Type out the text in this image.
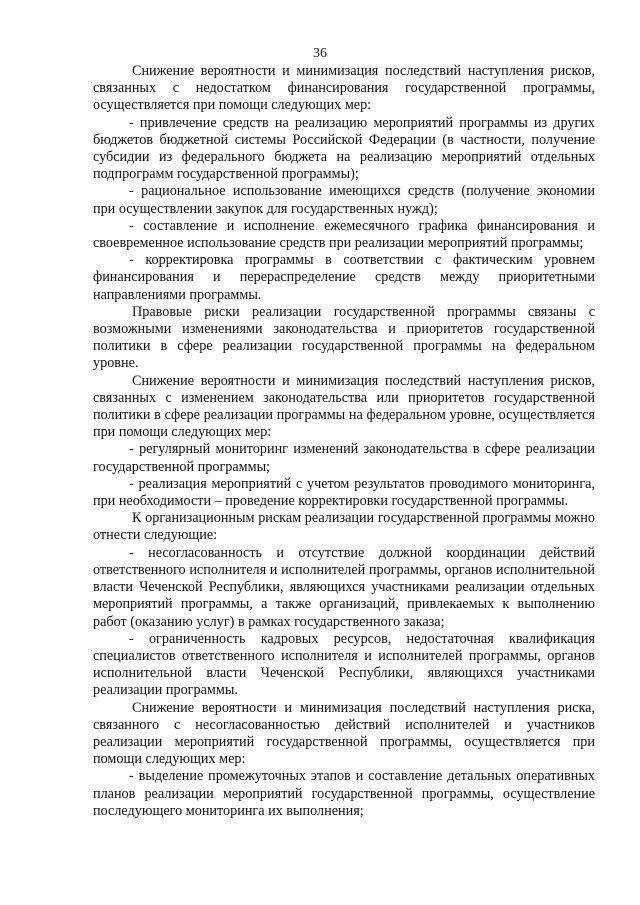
36

Снижение вероятности и минимизация последствий наступления рисков, связанных с недостатком финансирования государственной программы, осуществляется при помощи следующих мер:

- привлечение средств на реализацию мероприятий программы из других бюджетов бюджетной системы Российской Федерации (в частности, получение субсидии из федерального бюджета на реализацию мероприятий отдельных подпрограмм государственной программы);

- рациональное использование имеющихся средств (получение экономии при осуществлении закупок для государственных нужд);

- составление и исполнение ежемесячного графика финансирования и своевременное использование средств при реализации мероприятий программы;

- корректировка программы в соответствии с фактическим уровнем финансирования и перераспределение средств между приоритетными направлениями программы.

Правовые риски реализации государственной программы связаны с возможными изменениями законодательства и приоритетов государственной политики в сфере реализации государственной программы на федеральном уровне.

Снижение вероятности и минимизация последствий наступления рисков, связанных с изменением законодательства или приоритетов государственной политики в сфере реализации программы на федеральном уровне, осуществляется при помощи следующих мер:

- регулярный мониторинг изменений законодательства в сфере реализации государственной программы;

- реализация мероприятий с учетом результатов проводимого мониторинга, при необходимости – проведение корректировки государственной программы.

К организационным рискам реализации государственной программы можно отнести следующие:

- несогласованность и отсутствие должной координации действий ответственного исполнителя и исполнителей программы, органов исполнительной власти Чеченской Республики, являющихся участниками реализации отдельных мероприятий программы, а также организаций, привлекаемых к выполнению работ (оказанию услуг) в рамках государственного заказа;

- ограниченность кадровых ресурсов, недостаточная квалификация специалистов ответственного исполнителя и исполнителей программы, органов исполнительной власти Чеченской Республики, являющихся участниками реализации программы.

Снижение вероятности и минимизация последствий наступления риска, связанного с несогласованностью действий исполнителей и участников реализации мероприятий государственной программы, осуществляется при помощи следующих мер:

- выделение промежуточных этапов и составление детальных оперативных планов реализации мероприятий государственной программы, осуществление последующего мониторинга их выполнения;
